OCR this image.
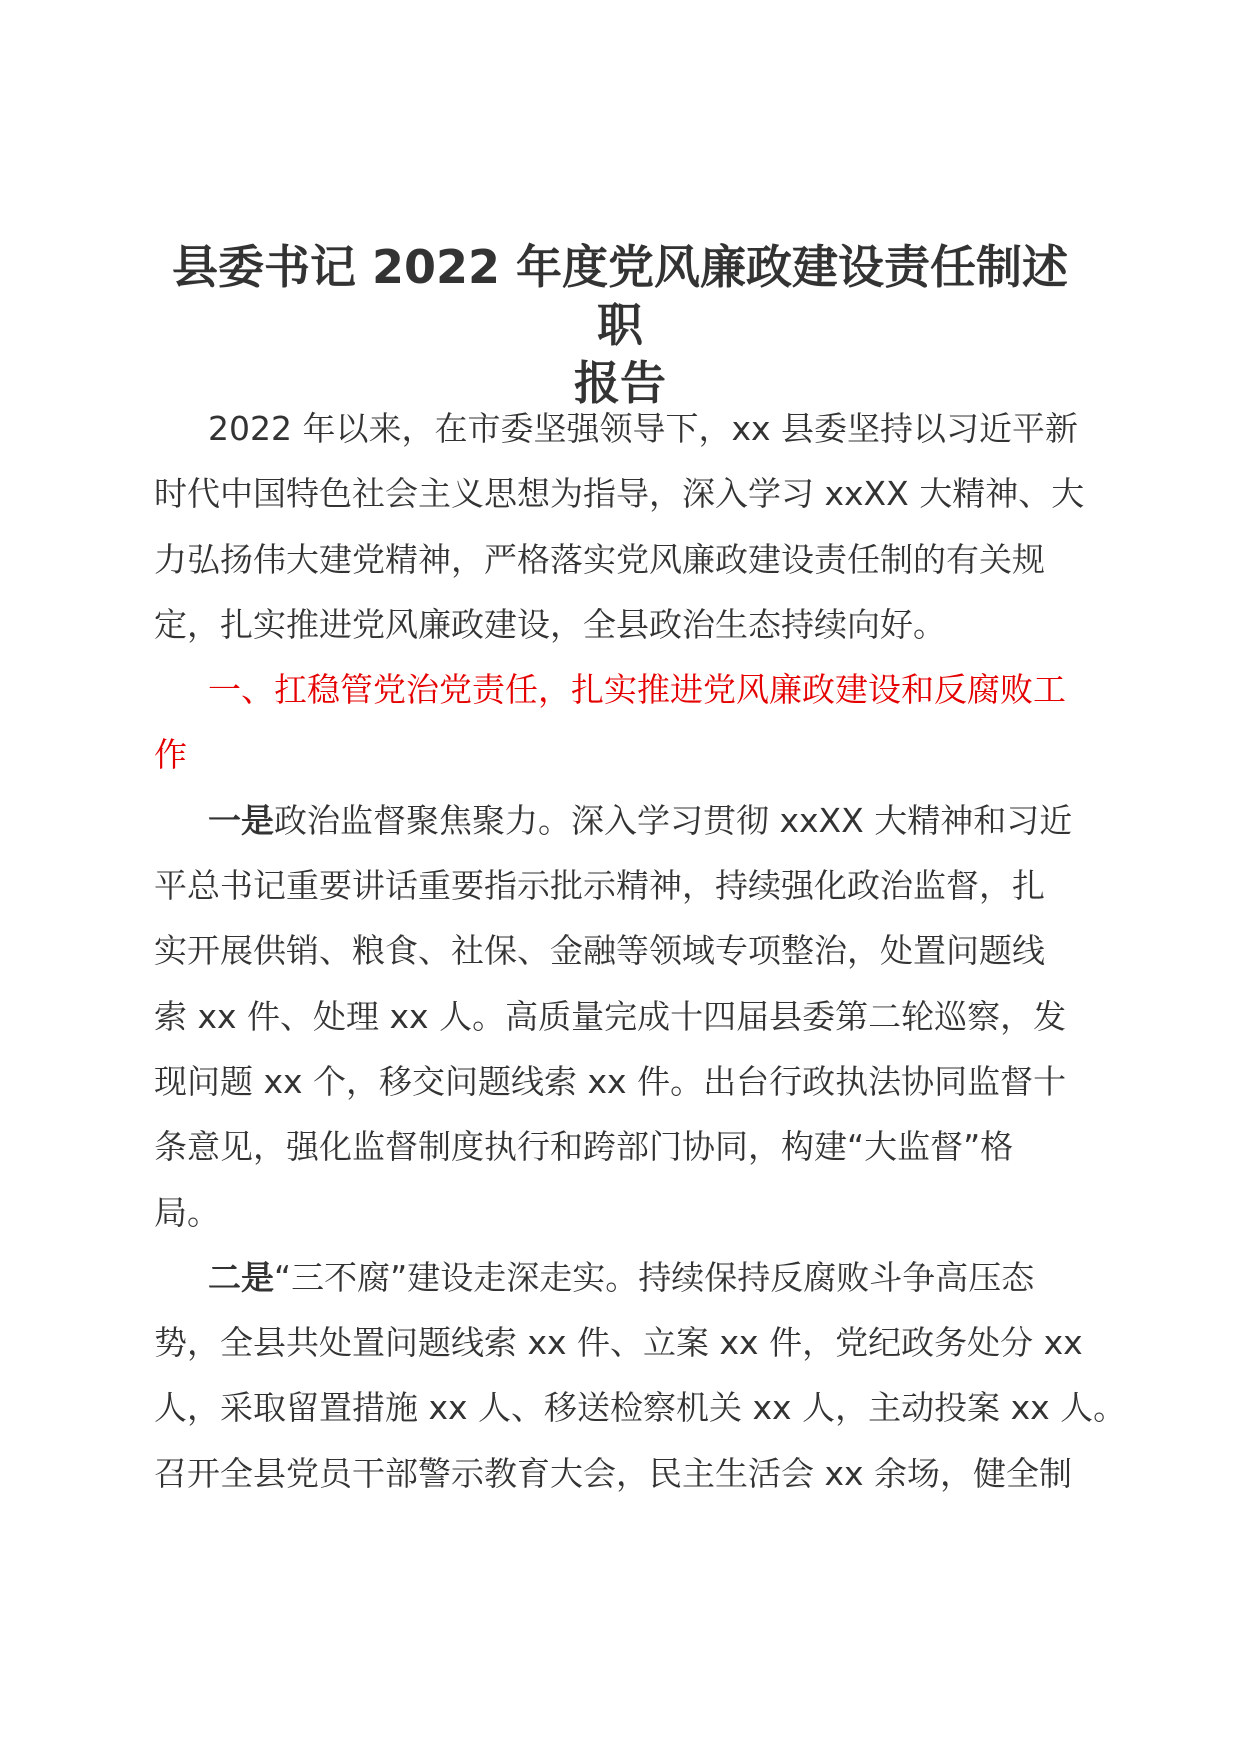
县委书记 2022 年度党风廉政建设责任制述职
报告

2022 年以来，在市委坚强领导下，xx 县委坚持以习近平新
时代中国特色社会主义思想为指导，深入学习 xxXX 大精神、大
力弘扬伟大建党精神，严格落实党风廉政建设责任制的有关规
定，扎实推进党风廉政建设，全县政治生态持续向好。

一、扛稳管党治党责任，扎实推进党风廉政建设和反腐败工
作

一是政治监督聚焦聚力。深入学习贯彻 xxXX 大精神和习近
平总书记重要讲话重要指示批示精神，持续强化政治监督，扎
实开展供销、粮食、社保、金融等领域专项整治，处置问题线
索 xx 件、处理 xx 人。高质量完成十四届县委第二轮巡察，发
现问题 xx 个，移交问题线索 xx 件。出台行政执法协同监督十
条意见，强化监督制度执行和跨部门协同，构建“大监督”格
局。

二是“三不腐”建设走深走实。持续保持反腐败斗争高压态
势，全县共处置问题线索 xx 件、立案 xx 件，党纪政务处分 xx
人，采取留置措施 xx 人、移送检察机关 xx 人，主动投案 xx 人。
召开全县党员干部警示教育大会，民主生活会 xx 余场，健全制
